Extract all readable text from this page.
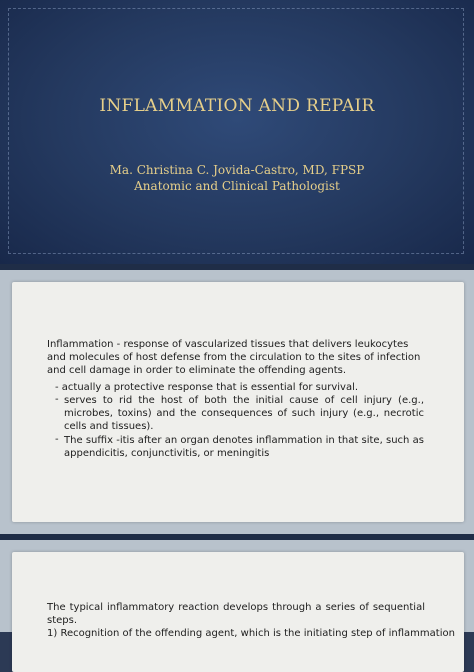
INFLAMMATION AND REPAIR
Ma. Christina C. Jovida-Castro, MD, FPSP
Anatomic and Clinical Pathologist
Inflammation - response of vascularized tissues that delivers leukocytes and molecules of host defense from the circulation to the sites of infection and cell damage in order to eliminate the offending agents.
- actually a protective response that is essential for survival.
- serves to rid the host of both the initial cause of cell injury (e.g., microbes, toxins) and the consequences of such injury (e.g., necrotic cells and tissues).
- The suffix -itis after an organ denotes inflammation in that site, such as appendicitis, conjunctivitis, or meningitis
The typical inflammatory reaction develops through a series of sequential steps.
